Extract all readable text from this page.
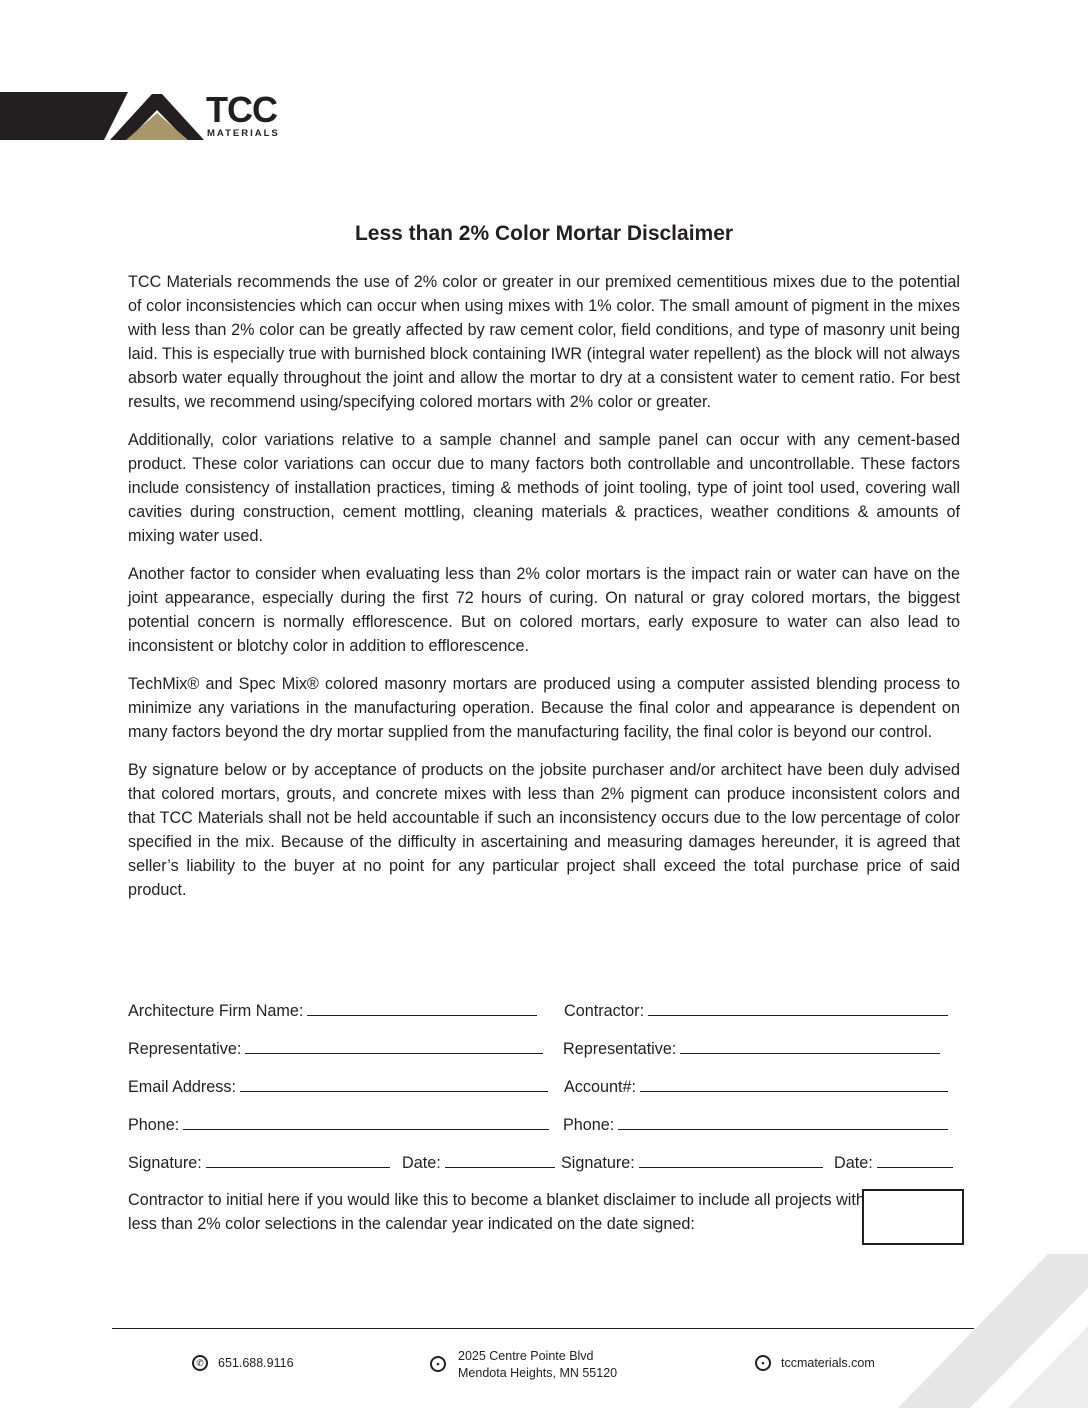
TCC
MATERIALS
Less than 2% Color Mortar Disclaimer

TCC Materials recommends the use of 2% color or greater in our premixed cementitious mixes due to the potential of color inconsistencies which can occur when using mixes with 1% color. The small amount of pigment in the mixes with less than 2% color can be greatly affected by raw cement color, field conditions, and type of masonry unit being laid. This is especially true with burnished block containing IWR (integral water repellent) as the block will not always absorb water equally throughout the joint and allow the mortar to dry at a consistent water to cement ratio. For best results, we recommend using/specifying colored mortars with 2% color or greater.

Additionally, color variations relative to a sample channel and sample panel can occur with any cement-based product. These color variations can occur due to many factors both controllable and uncontrollable. These factors include consistency of installation practices, timing & methods of joint tooling, type of joint tool used, covering wall cavities during construction, cement mottling, cleaning materials & practices, weather conditions & amounts of mixing water used.

Another factor to consider when evaluating less than 2% color mortars is the impact rain or water can have on the joint appearance, especially during the first 72 hours of curing. On natural or gray colored mortars, the biggest potential concern is normally efflorescence. But on colored mortars, early exposure to water can also lead to inconsistent or blotchy color in addition to efflorescence.

TechMix® and Spec Mix® colored masonry mortars are produced using a computer assisted blending process to minimize any variations in the manufacturing operation. Because the final color and appearance is dependent on many factors beyond the dry mortar supplied from the manufacturing facility, the final color is beyond our control.

By signature below or by acceptance of products on the jobsite purchaser and/or architect have been duly advised that colored mortars, grouts, and concrete mixes with less than 2% pigment can produce inconsistent colors and that TCC Materials shall not be held accountable if such an inconsistency occurs due to the low percentage of color specified in the mix. Because of the difficulty in ascertaining and measuring damages hereunder, it is agreed that seller’s liability to the buyer at no point for any particular project shall exceed the total purchase price of said product.

Architecture Firm Name:	Contractor:
Representative:	Representative:
Email Address:	Account#:
Phone:	Phone:
Signature:	Date:	Signature:	Date:
Contractor to initial here if you would like this to become a blanket disclaimer to include all projects with less than 2% color selections in the calendar year indicated on the date signed:
✆	651.688.9116	•
2025 Centre Pointe Blvd
Mendota Heights, MN 55120
▪	tccmaterials.com
